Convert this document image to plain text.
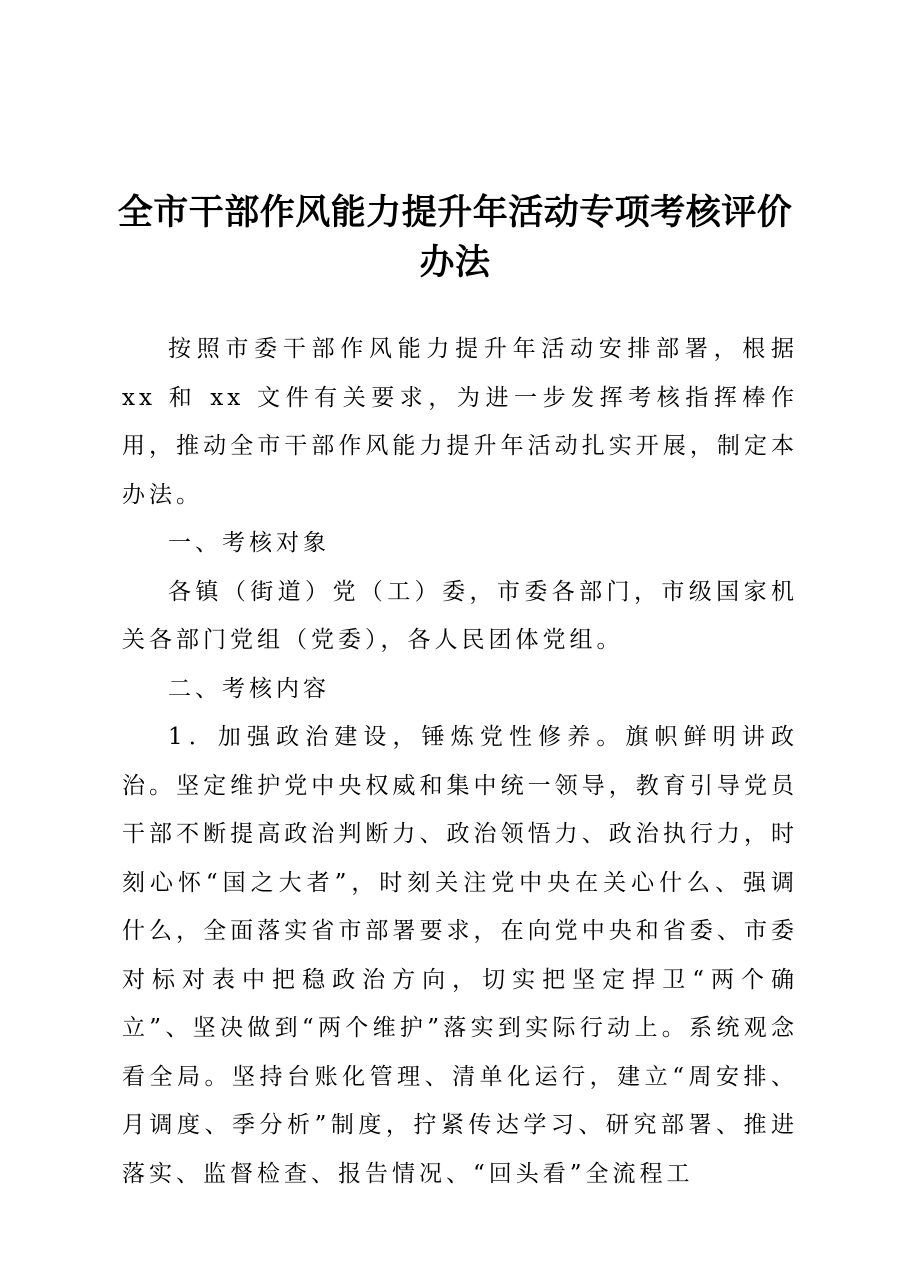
全市干部作风能力提升年活动专项考核评价办法

按照市委干部作风能力提升年活动安排部署，根据 xx 和 xx 文件有关要求，为进一步发挥考核指挥棒作用，推动全市干部作风能力提升年活动扎实开展，制定本办法。

一、考核对象

各镇（街道）党（工）委，市委各部门，市级国家机关各部门党组（党委），各人民团体党组。

二、考核内容

1．加强政治建设，锤炼党性修养。旗帜鲜明讲政治。坚定维护党中央权威和集中统一领导，教育引导党员干部不断提高政治判断力、政治领悟力、政治执行力，时刻心怀“国之大者”，时刻关注党中央在关心什么、强调什么，全面落实省市部署要求，在向党中央和省委、市委对标对表中把稳政治方向，切实把坚定捍卫“两个确立”、坚决做到“两个维护”落实到实际行动上。系统观念看全局。坚持台账化管理、清单化运行，建立“周安排、月调度、季分析”制度，拧紧传达学习、研究部署、推进落实、监督检查、报告情况、“回头看”全流程工
